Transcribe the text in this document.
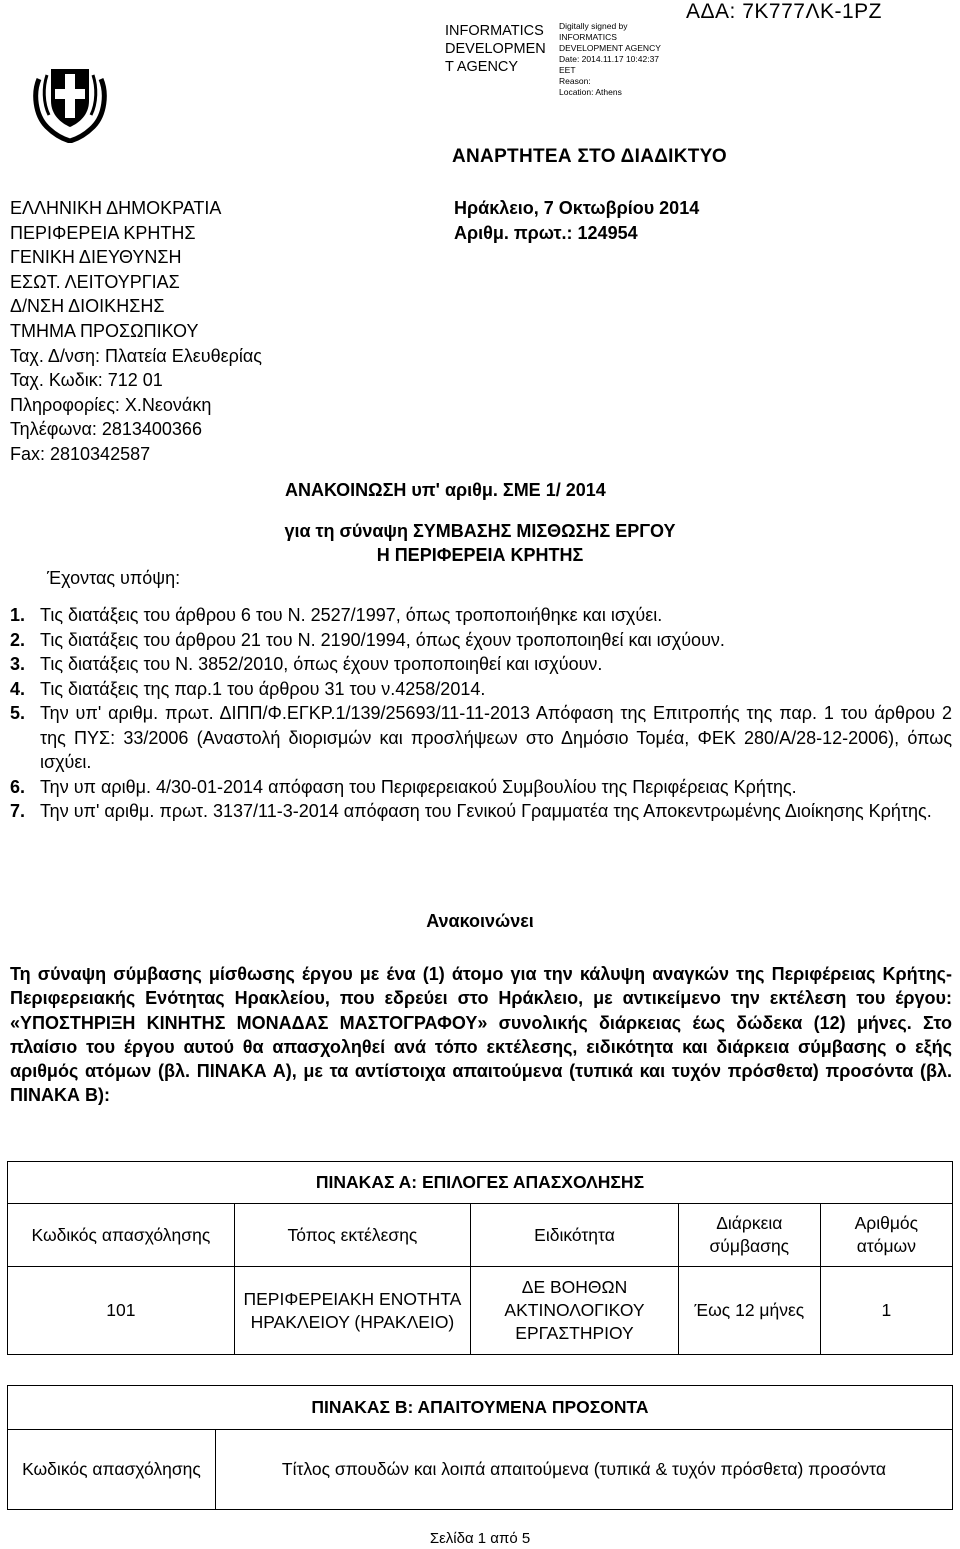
ΑΔΑ: 7Κ777ΛΚ-1ΡΖ
INFORMATICS
DEVELOPMEN
T AGENCY
Digitally signed by
INFORMATICS
DEVELOPMENT AGENCY
Date: 2014.11.17 10:42:37
EET
Reason:
Location: Athens
ΑΝΑΡΤΗΤΕΑ ΣΤΟ ΔΙΑΔΙΚΤΥΟ
ΕΛΛΗΝΙΚΗ ΔΗΜΟΚΡΑΤΙΑ
ΠΕΡΙΦΕΡΕΙΑ ΚΡΗΤΗΣ
ΓΕΝΙΚΗ ΔΙΕΥΘΥΝΣΗ
ΕΣΩΤ. ΛΕΙΤΟΥΡΓΙΑΣ
Δ/ΝΣΗ ΔΙΟΙΚΗΣΗΣ
ΤΜΗΜΑ ΠΡΟΣΩΠΙΚΟΥ
Ταχ. Δ/νση: Πλατεία Ελευθερίας
Ταχ. Κωδικ: 712 01
Πληροφορίες: Χ.Νεονάκη
Τηλέφωνα: 2813400366
Fax: 2810342587
Ηράκλειο, 7 Οκτωβρίου 2014
Αριθμ. πρωτ.: 124954
ΑΝΑΚΟΙΝΩΣΗ υπ' αριθμ. ΣΜΕ 1/ 2014
για τη σύναψη ΣΥΜΒΑΣΗΣ ΜΙΣΘΩΣΗΣ ΕΡΓΟΥ
Η ΠΕΡΙΦΕΡΕΙΑ ΚΡΗΤΗΣ
Έχοντας υπόψη:
1. Τις διατάξεις του άρθρου 6 του Ν. 2527/1997, όπως τροποποιήθηκε και ισχύει.
2. Τις διατάξεις του άρθρου 21 του Ν. 2190/1994, όπως έχουν τροποποιηθεί και ισχύουν.
3. Τις διατάξεις του Ν. 3852/2010, όπως έχουν τροποποιηθεί και ισχύουν.
4. Τις διατάξεις της παρ.1 του άρθρου 31 του ν.4258/2014.
5. Την υπ' αριθμ. πρωτ. ΔΙΠΠ/Φ.ΕΓΚΡ.1/139/25693/11-11-2013 Απόφαση της Επιτροπής της παρ. 1 του άρθρου 2 της ΠΥΣ: 33/2006 (Αναστολή διορισμών και προσλήψεων στο Δημόσιο Τομέα, ΦΕΚ 280/Α/28-12-2006), όπως ισχύει.
6. Την υπ αριθμ. 4/30-01-2014 απόφαση του Περιφερειακού Συμβουλίου της Περιφέρειας Κρήτης.
7. Την υπ' αριθμ. πρωτ. 3137/11-3-2014 απόφαση του Γενικού Γραμματέα της Αποκεντρωμένης Διοίκησης Κρήτης.
Ανακοινώνει
Τη σύναψη σύμβασης μίσθωσης έργου με ένα (1) άτομο για την κάλυψη αναγκών της Περιφέρειας Κρήτης- Περιφερειακής Ενότητας Ηρακλείου, που εδρεύει στο Ηράκλειο, με αντικείμενο την εκτέλεση του έργου: «ΥΠΟΣΤΗΡΙΞΗ ΚΙΝΗΤΗΣ ΜΟΝΑΔΑΣ ΜΑΣΤΟΓΡΑΦΟΥ» συνολικής διάρκειας έως δώδεκα (12) μήνες. Στο πλαίσιο του έργου αυτού θα απασχοληθεί ανά τόπο εκτέλεσης, ειδικότητα και διάρκεια σύμβασης ο εξής αριθμός ατόμων (βλ. ΠΙΝΑΚΑ Α), με τα αντίστοιχα απαιτούμενα (τυπικά και τυχόν πρόσθετα) προσόντα (βλ. ΠΙΝΑΚΑ Β):
ΠΙΝΑΚΑΣ Α: ΕΠΙΛΟΓΕΣ ΑΠΑΣΧΟΛΗΣΗΣ				
Κωδικός απασχόλησης	Τόπος εκτέλεσης	Ειδικότητα	Διάρκεια σύμβασης	Αριθμός ατόμων
101	ΠΕΡΙΦΕΡΕΙΑΚΗ ΕΝΟΤΗΤΑ ΗΡΑΚΛΕΙΟΥ (ΗΡΑΚΛΕΙΟ)	ΔΕ ΒΟΗΘΩΝ ΑΚΤΙΝΟΛΟΓΙΚΟΥ ΕΡΓΑΣΤΗΡΙΟΥ	Έως 12 μήνες	1
ΠΙΝΑΚΑΣ Β: ΑΠΑΙΤΟΥΜΕΝΑ ΠΡΟΣΟΝΤΑ
Κωδικός απασχόλησης	Τίτλος σπουδών και λοιπά απαιτούμενα (τυπικά & τυχόν πρόσθετα) προσόντα
Σελίδα 1 από 5
